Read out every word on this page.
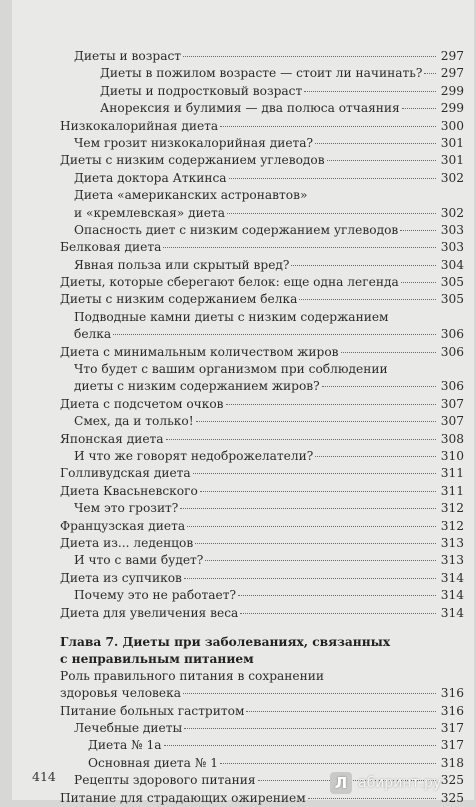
Диеты и возраст	297
Диеты в пожилом возрасте — стоит ли начинать? 297
Диеты и подростковый возраст	299
Анорексия и булимия — два полюса отчаяния	299
Низкокалорийная диета	300
Чем грозит низкокалорийная диета?	301
Диеты с низким содержанием углеводов	301
Диета доктора Аткинса	302
Диета «американских астронавтов»
и «кремлевская» диета	302
Опасность диет с низким содержанием углеводов	303
Белковая диета	303
Явная польза или скрытый вред?	304
Диеты, которые сберегают белок: еще одна легенда	305
Диеты с низким содержанием белка	305
Подводные камни диеты с низким содержанием
белка	306
Диета с минимальным количеством жиров	306
Что будет с вашим организмом при соблюдении
диеты с низким содержанием жиров?	306
Диета с подсчетом очков	307
Смех, да и только!	307
Японская диета	308
И что же говорят недоброжелатели?	310
Голливудская диета	311
Диета Квасьневского	311
Чем это грозит?	312
Французская диета	312
Диета из... леденцов	313
И что с вами будет?	313
Диета из супчиков	314
Почему это не работает?	314
Диета для увеличения веса	314
Глава 7. Диеты при заболеваниях, связанных
с неправильным питанием
Роль правильного питания в сохранении
здоровья человека	316
Питание больных гастритом	316
Лечебные диеты	317
Диета № 1а	317
Основная диета № 1	318
Рецепты здорового питания	325
Питание для страдающих ожирением	325
414	Л абиринт.ру
